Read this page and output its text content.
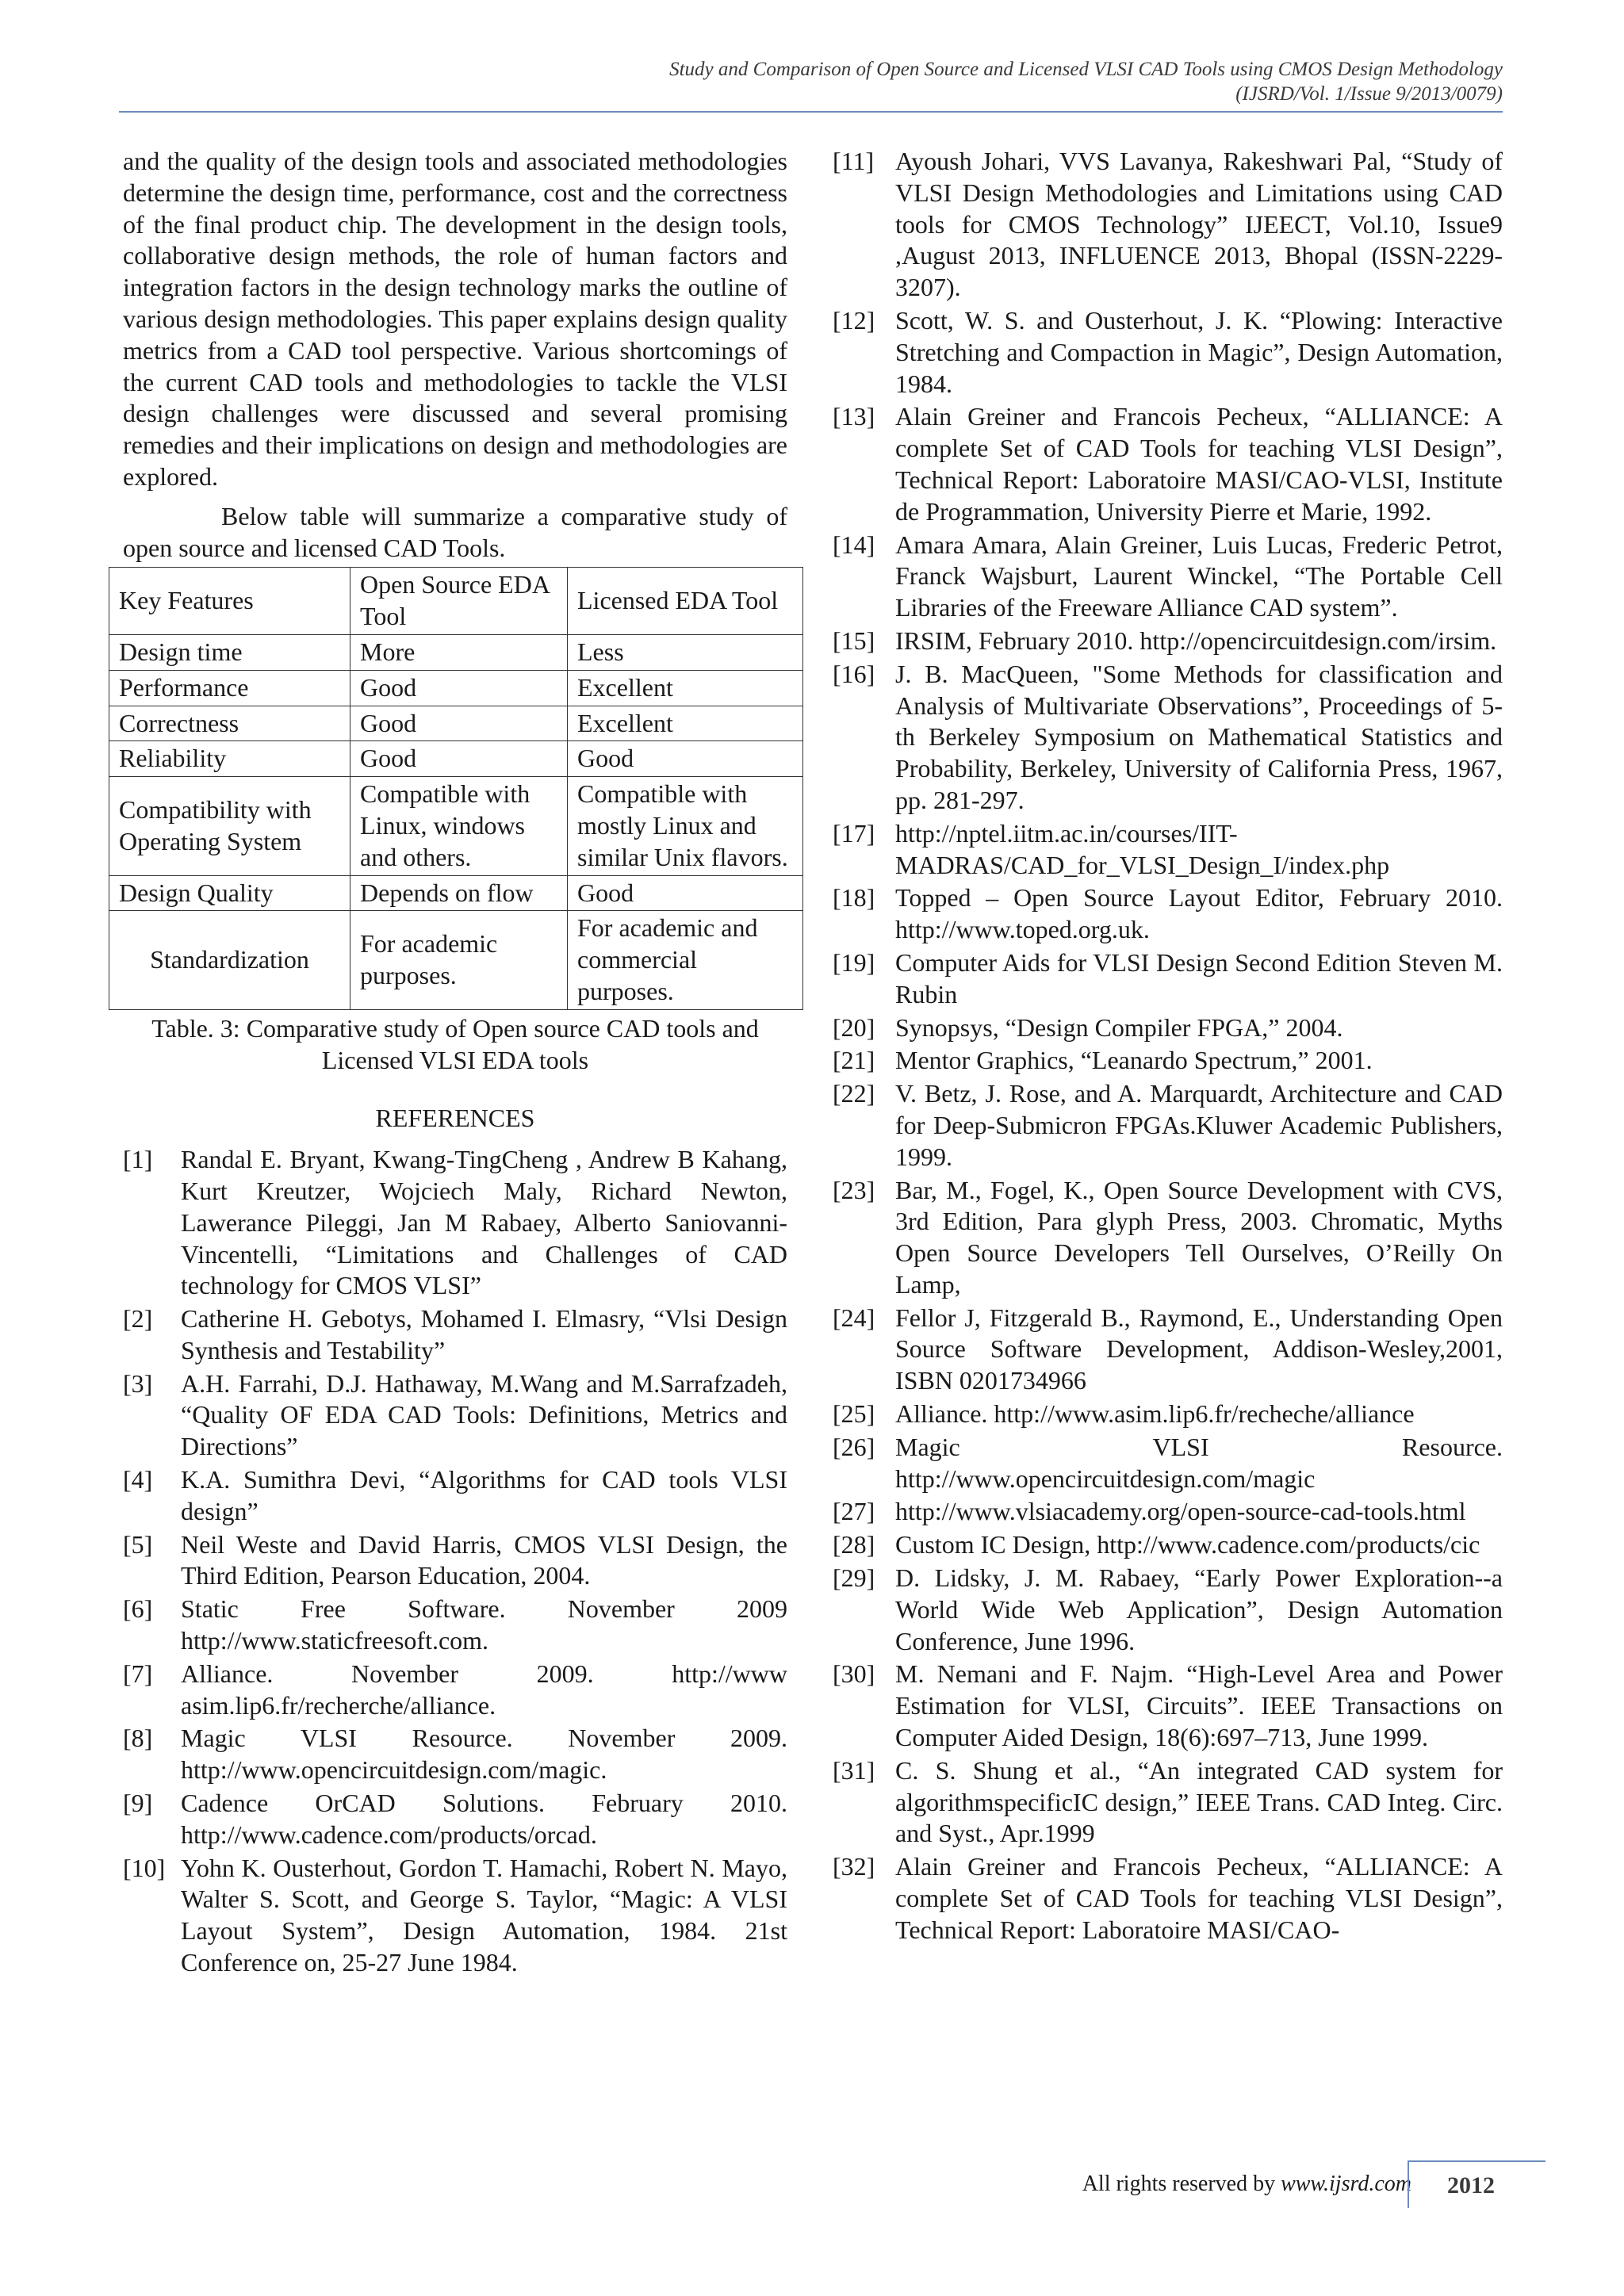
Study and Comparison of Open Source and Licensed VLSI CAD Tools using CMOS Design Methodology
(IJSRD/Vol. 1/Issue 9/2013/0079)

and the quality of the design tools and associated methodologies determine the design time, performance, cost and the correctness of the final product chip. The development in the design tools, collaborative design methods, the role of human factors and integration factors in the design technology marks the outline of various design methodologies. This paper explains design quality metrics from a CAD tool perspective. Various shortcomings of the current CAD tools and methodologies to tackle the VLSI design challenges were discussed and several promising remedies and their implications on design and methodologies are explored.

Below table will summarize a comparative study of open source and licensed CAD Tools.

Key Features	Open Source EDA Tool	Licensed EDA Tool
Design time	More	Less
Performance	Good	Excellent
Correctness	Good	Excellent
Reliability	Good	Good
Compatibility with Operating System	Compatible with Linux, windows and others.	Compatible with mostly Linux and similar Unix flavors.
Design Quality	Depends on flow	Good
Standardization	For academic purposes.	For academic and commercial purposes.
Table. 3: Comparative study of Open source CAD tools and Licensed VLSI EDA tools
REFERENCES
[1]	Randal E. Bryant, Kwang-TingCheng , Andrew B Kahang, Kurt Kreutzer, Wojciech Maly, Richard Newton, Lawerance Pileggi, Jan M Rabaey, Alberto Saniovanni- Vincentelli, “Limitations and Challenges of CAD technology for CMOS VLSI”
[2]	Catherine H. Gebotys, Mohamed I. Elmasry, “Vlsi Design Synthesis and Testability”
[3]	A.H. Farrahi, D.J. Hathaway, M.Wang and M.Sarrafzadeh, “Quality OF EDA CAD Tools: Definitions, Metrics and Directions”
[4]	K.A. Sumithra Devi, “Algorithms for CAD tools VLSI design”
[5]	Neil Weste and David Harris, CMOS VLSI Design, the Third Edition, Pearson Education, 2004.
[6]	Static Free Software. November 2009 http://www.staticfreesoft.com.
[7]	Alliance. November 2009. http://www asim.lip6.fr/recherche/alliance.
[8]	Magic VLSI Resource. November 2009. http://www.opencircuitdesign.com/magic.
[9]	Cadence OrCAD Solutions. February 2010. http://www.cadence.com/products/orcad.
[10] Yohn K. Ousterhout, Gordon T. Hamachi, Robert N. Mayo, Walter S. Scott, and George S. Taylor, “Magic: A VLSI Layout System”, Design Automation, 1984. 21st Conference on, 25-27 June 1984.
[11] Ayoush Johari, VVS Lavanya, Rakeshwari Pal, “Study of VLSI Design Methodologies and Limitations using CAD tools for CMOS Technology” IJEECT, Vol.10, Issue9 ,August 2013, INFLUENCE 2013, Bhopal (ISSN-2229-3207).
[12] Scott, W. S. and Ousterhout, J. K. “Plowing: Interactive Stretching and Compaction in Magic”, Design Automation, 1984.
[13] Alain Greiner and Francois Pecheux, “ALLIANCE: A complete Set of CAD Tools for teaching VLSI Design”, Technical Report: Laboratoire MASI/CAO-VLSI, Institute de Programmation, University Pierre et Marie, 1992.
[14] Amara Amara, Alain Greiner, Luis Lucas, Frederic Petrot, Franck Wajsburt, Laurent Winckel, “The Portable Cell Libraries of the Freeware Alliance CAD system”.
[15] IRSIM, February 2010. http://opencircuitdesign.com/irsim.
[16] J. B. MacQueen, "Some Methods for classification and Analysis of Multivariate Observations”, Proceedings of 5-th Berkeley Symposium on Mathematical Statistics and Probability, Berkeley, University of California Press, 1967, pp. 281-297.
[17] http://nptel.iitm.ac.in/courses/IIT-MADRAS/CAD_for_VLSI_Design_I/index.php
[18] Topped – Open Source Layout Editor, February 2010. http://www.toped.org.uk.
[19] Computer Aids for VLSI Design Second Edition Steven M. Rubin
[20] Synopsys, “Design Compiler FPGA,” 2004.
[21] Mentor Graphics, “Leanardo Spectrum,” 2001.
[22] V. Betz, J. Rose, and A. Marquardt, Architecture and CAD for Deep-Submicron FPGAs.Kluwer Academic Publishers, 1999.
[23] Bar, M., Fogel, K., Open Source Development with CVS, 3rd Edition, Para glyph Press, 2003. Chromatic, Myths Open Source Developers Tell Ourselves, O’Reilly On Lamp,
[24] Fellor J, Fitzgerald B., Raymond, E., Understanding Open Source Software Development, Addison-Wesley,2001, ISBN 0201734966
[25] Alliance. http://www.asim.lip6.fr/recheche/alliance
[26] Magic VLSI Resource. http://www.opencircuitdesign.com/magic
[27] http://www.vlsiacademy.org/open-source-cad-tools.html
[28] Custom IC Design, http://www.cadence.com/products/cic
[29] D. Lidsky, J. M. Rabaey, “Early Power Exploration--a World Wide Web Application”, Design Automation Conference, June 1996.
[30] M. Nemani and F. Najm. “High-Level Area and Power Estimation for VLSI, Circuits”. IEEE Transactions on Computer Aided Design, 18(6):697–713, June 1999.
[31] C. S. Shung et al., “An integrated CAD system for algorithmspecificIC design,” IEEE Trans. CAD Integ. Circ. and Syst., Apr.1999
[32] Alain Greiner and Francois Pecheux, “ALLIANCE: A complete Set of CAD Tools for teaching VLSI Design”, Technical Report: Laboratoire MASI/CAO-
All rights reserved by www.ijsrd.com	2012
